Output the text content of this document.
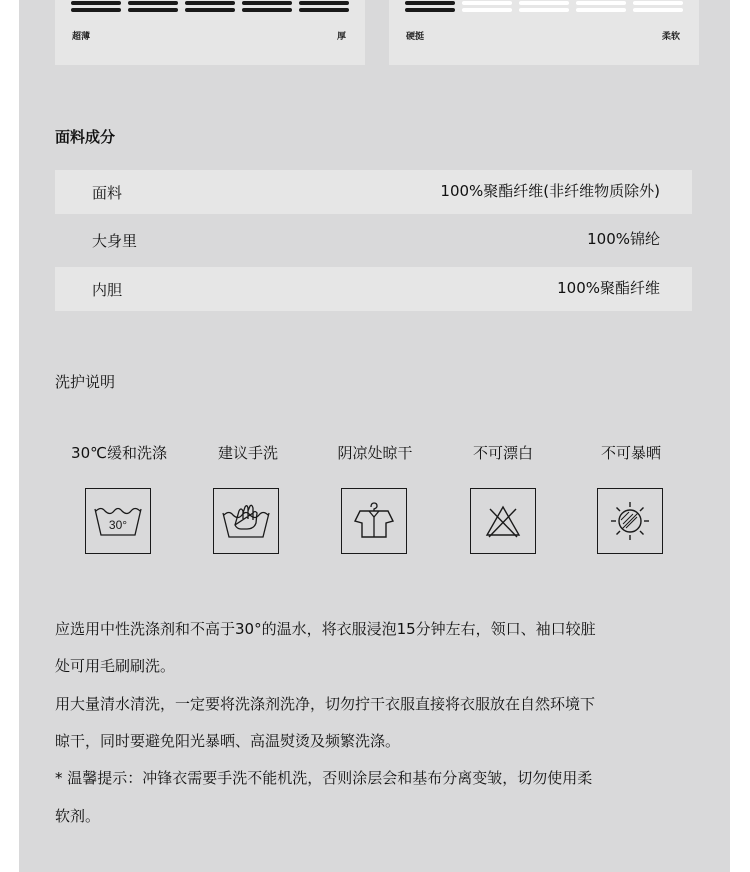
超薄	厚	硬挺	柔软
面料成分
面料	100%聚酯纤维(非纤维物质除外)
大身里	100%锦纶
内胆	100%聚酯纤维
洗护说明
30℃缓和洗涤	建议手洗	阴凉处晾干	不可漂白	不可暴晒
30°
应选用中性洗涤剂和不高于30°的温水，将衣服浸泡15分钟左右，领口、袖口较脏
处可用毛刷刷洗。
用大量清水清洗，一定要将洗涤剂洗净，切勿拧干衣服直接将衣服放在自然环境下
晾干，同时要避免阳光暴晒、高温熨烫及频繁洗涤。
* 温馨提示：冲锋衣需要手洗不能机洗，否则涂层会和基布分离变皱，切勿使用柔
软剂。
